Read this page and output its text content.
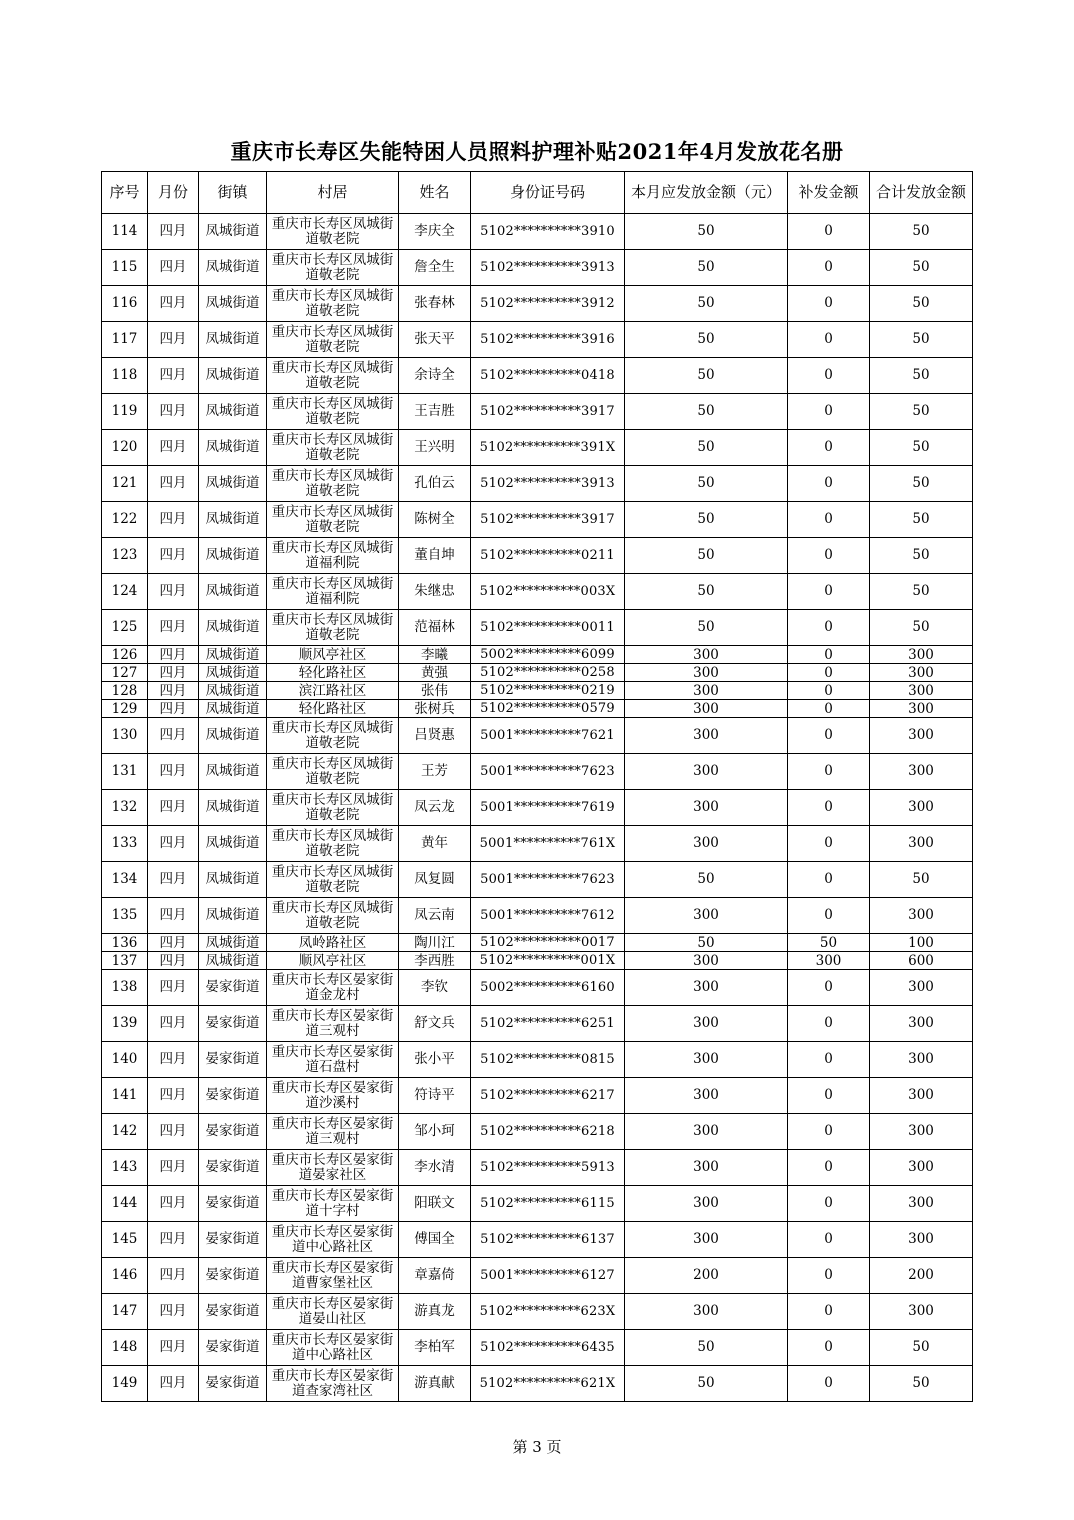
重庆市长寿区失能特困人员照料护理补贴2021年4月发放花名册
序号	月份	街镇	村居	姓名	身份证号码	本月应发放金额（元）	补发金额	合计发放金额
114	四月	凤城街道	重庆市长寿区凤城街道敬老院	李庆全	5102**********3910	50	0	50
115	四月	凤城街道	重庆市长寿区凤城街道敬老院	詹全生	5102**********3913	50	0	50
116	四月	凤城街道	重庆市长寿区凤城街道敬老院	张春林	5102**********3912	50	0	50
117	四月	凤城街道	重庆市长寿区凤城街道敬老院	张天平	5102**********3916	50	0	50
118	四月	凤城街道	重庆市长寿区凤城街道敬老院	余诗全	5102**********0418	50	0	50
119	四月	凤城街道	重庆市长寿区凤城街道敬老院	王吉胜	5102**********3917	50	0	50
120	四月	凤城街道	重庆市长寿区凤城街道敬老院	王兴明	5102**********391X	50	0	50
121	四月	凤城街道	重庆市长寿区凤城街道敬老院	孔伯云	5102**********3913	50	0	50
122	四月	凤城街道	重庆市长寿区凤城街道敬老院	陈树全	5102**********3917	50	0	50
123	四月	凤城街道	重庆市长寿区凤城街道福利院	董自坤	5102**********0211	50	0	50
124	四月	凤城街道	重庆市长寿区凤城街道福利院	朱继忠	5102**********003X	50	0	50
125	四月	凤城街道	重庆市长寿区凤城街道敬老院	范福林	5102**********0011	50	0	50
126	四月	凤城街道	顺风亭社区	李曦	5002**********6099	300	0	300
127	四月	凤城街道	轻化路社区	黄强	5102**********0258	300	0	300
128	四月	凤城街道	滨江路社区	张伟	5102**********0219	300	0	300
129	四月	凤城街道	轻化路社区	张树兵	5102**********0579	300	0	300
130	四月	凤城街道	重庆市长寿区凤城街道敬老院	吕贤惠	5001**********7621	300	0	300
131	四月	凤城街道	重庆市长寿区凤城街道敬老院	王芳	5001**********7623	300	0	300
132	四月	凤城街道	重庆市长寿区凤城街道敬老院	凤云龙	5001**********7619	300	0	300
133	四月	凤城街道	重庆市长寿区凤城街道敬老院	黄年	5001**********761X	300	0	300
134	四月	凤城街道	重庆市长寿区凤城街道敬老院	凤复圆	5001**********7623	50	0	50
135	四月	凤城街道	重庆市长寿区凤城街道敬老院	凤云南	5001**********7612	300	0	300
136	四月	凤城街道	凤岭路社区	陶川江	5102**********0017	50	50	100
137	四月	凤城街道	顺风亭社区	李西胜	5102**********001X	300	300	600
138	四月	晏家街道	重庆市长寿区晏家街道金龙村	李钦	5002**********6160	300	0	300
139	四月	晏家街道	重庆市长寿区晏家街道三观村	舒文兵	5102**********6251	300	0	300
140	四月	晏家街道	重庆市长寿区晏家街道石盘村	张小平	5102**********0815	300	0	300
141	四月	晏家街道	重庆市长寿区晏家街道沙溪村	符诗平	5102**********6217	300	0	300
142	四月	晏家街道	重庆市长寿区晏家街道三观村	邹小珂	5102**********6218	300	0	300
143	四月	晏家街道	重庆市长寿区晏家街道晏家社区	李水清	5102**********5913	300	0	300
144	四月	晏家街道	重庆市长寿区晏家街道十字村	阳联文	5102**********6115	300	0	300
145	四月	晏家街道	重庆市长寿区晏家街道中心路社区	傅国全	5102**********6137	300	0	300
146	四月	晏家街道	重庆市长寿区晏家街道曹家堡社区	章嘉倚	5001**********6127	200	0	200
147	四月	晏家街道	重庆市长寿区晏家街道晏山社区	游真龙	5102**********623X	300	0	300
148	四月	晏家街道	重庆市长寿区晏家街道中心路社区	李柏军	5102**********6435	50	0	50
149	四月	晏家街道	重庆市长寿区晏家街道查家湾社区	游真献	5102**********621X	50	0	50
第 3 页
